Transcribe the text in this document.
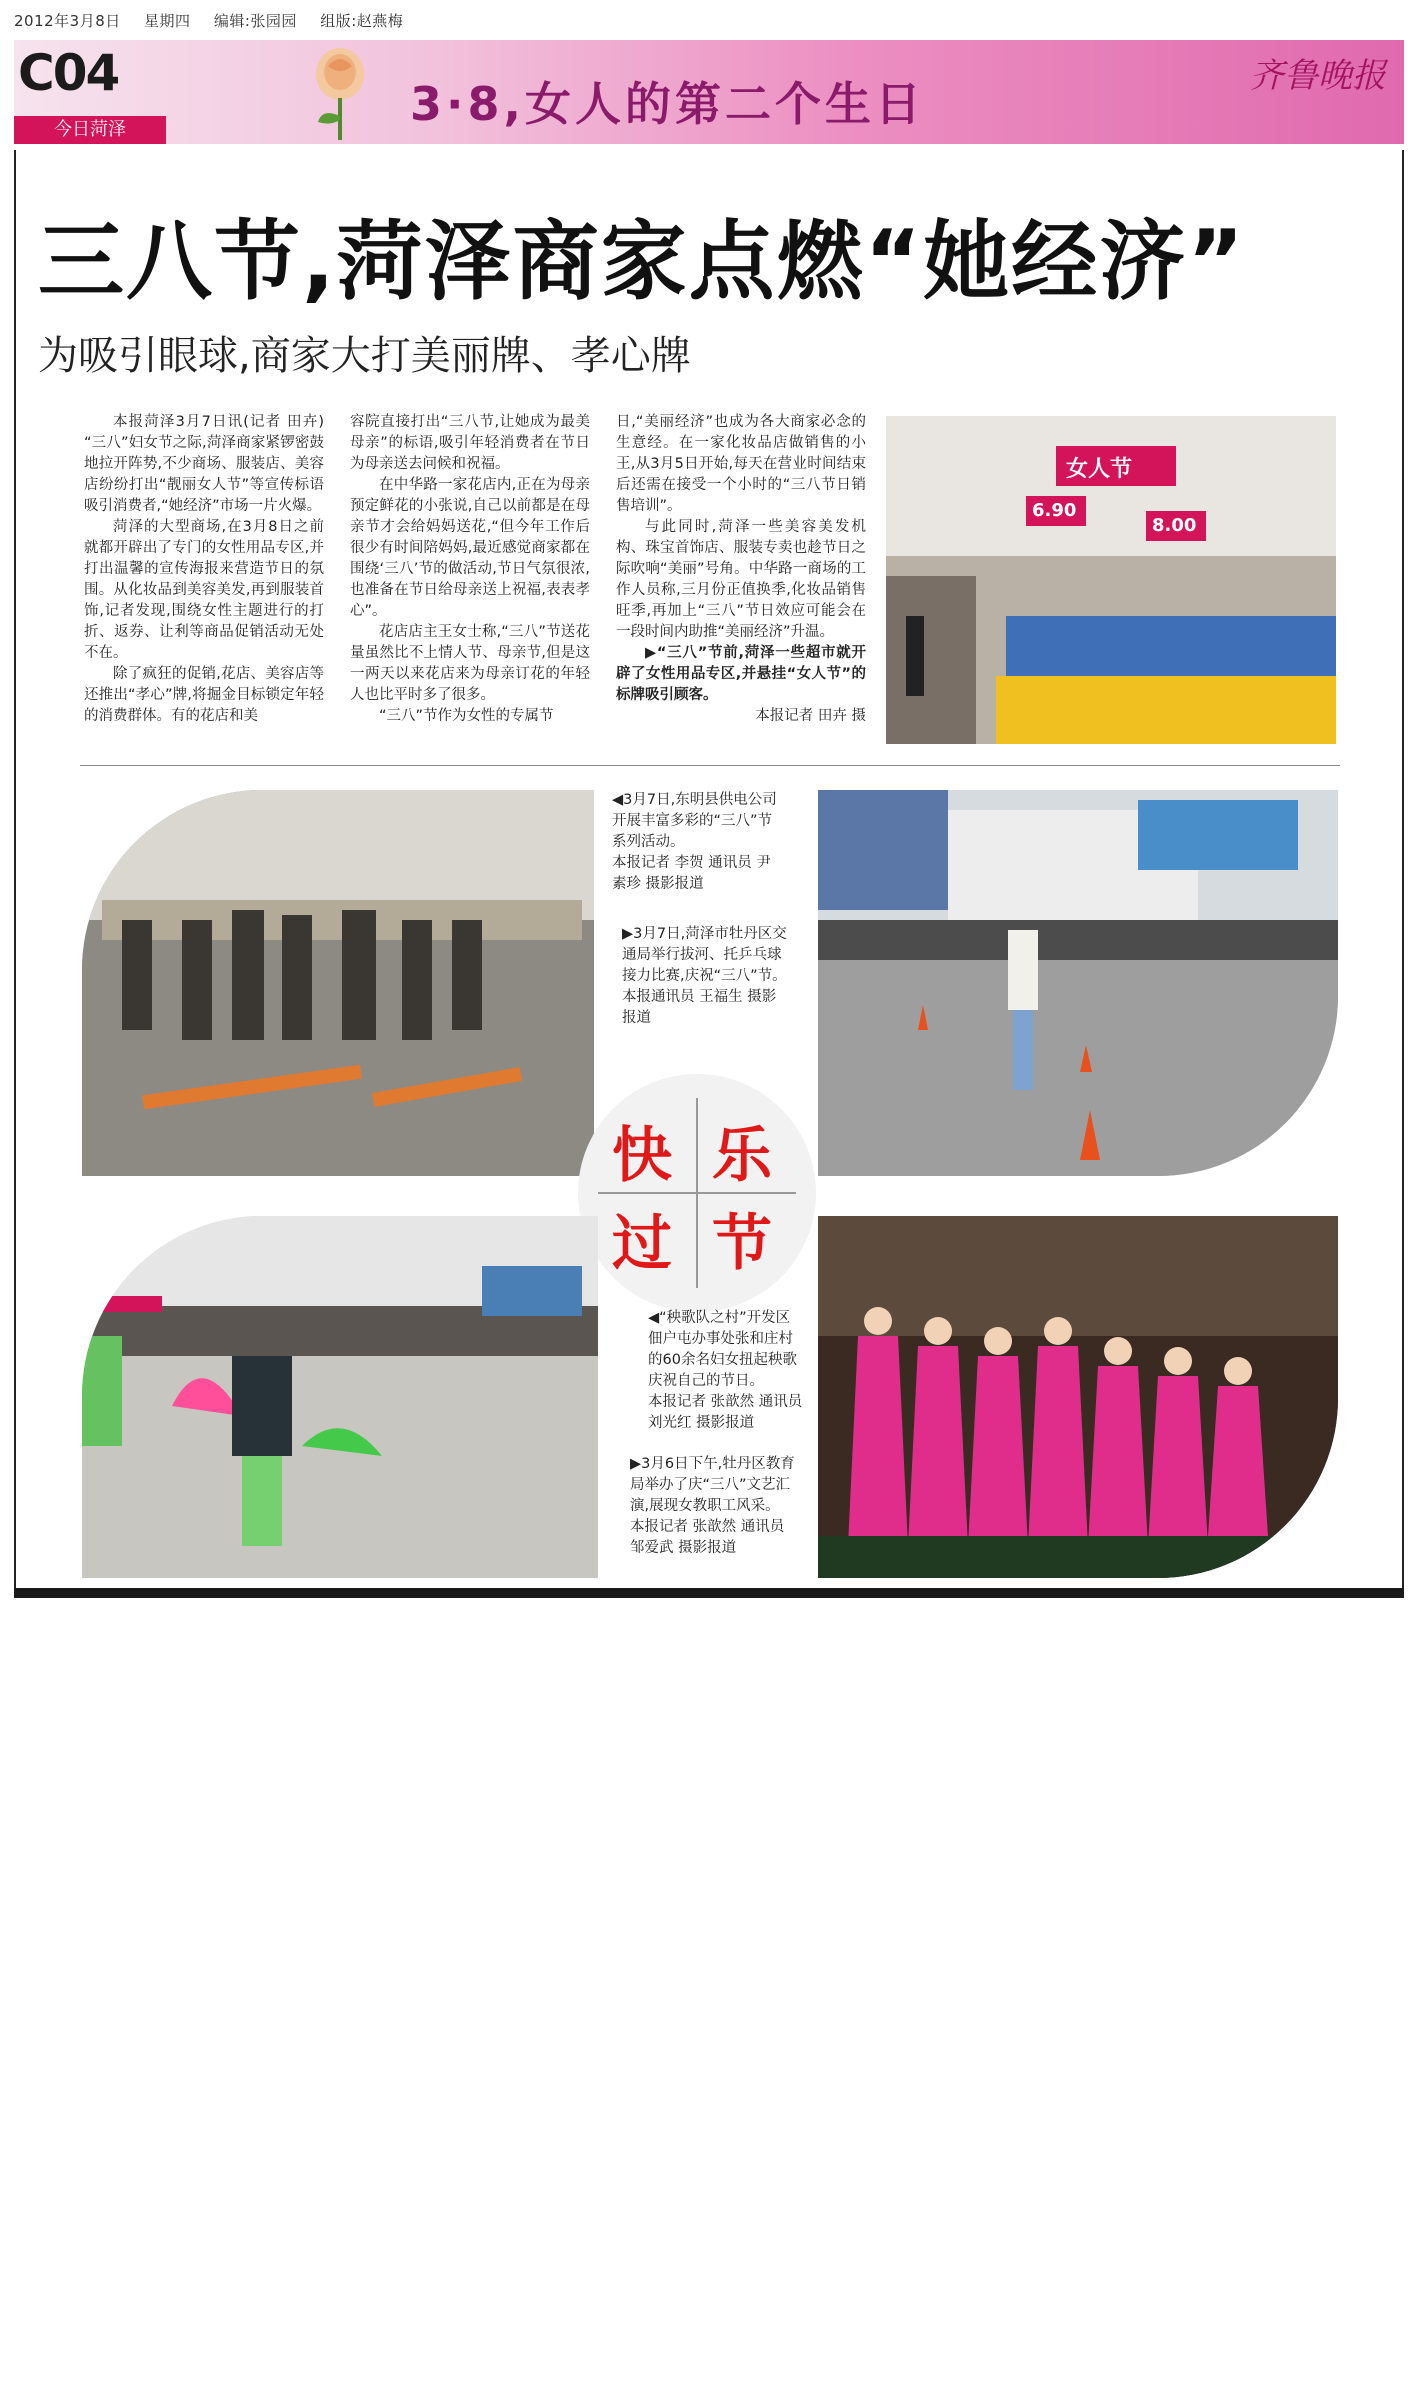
2012年3月8日 星期四 编辑:张园园 组版:赵燕梅
C04
今日菏泽	3·8,女人的第二个生日
齐鲁晚报
三八节,菏泽商家点燃“她经济”
为吸引眼球,商家大打美丽牌、孝心牌

本报菏泽3月7日讯(记者 田卉) “三八”妇女节之际,菏泽商家紧锣密鼓地拉开阵势,不少商场、服装店、美容店纷纷打出“靓丽女人节”等宣传标语吸引消费者,“她经济”市场一片火爆。

菏泽的大型商场,在3月8日之前就都开辟出了专门的女性用品专区,并打出温馨的宣传海报来营造节日的氛围。从化妆品到美容美发,再到服装首饰,记者发现,围绕女性主题进行的打折、返券、让利等商品促销活动无处不在。

除了疯狂的促销,花店、美容店等还推出“孝心”牌,将掘金目标锁定年轻的消费群体。有的花店和美

容院直接打出“三八节,让她成为最美母亲”的标语,吸引年轻消费者在节日为母亲送去问候和祝福。

在中华路一家花店内,正在为母亲预定鲜花的小张说,自己以前都是在母亲节才会给妈妈送花,“但今年工作后很少有时间陪妈妈,最近感觉商家都在围绕‘三八’节的做活动,节日气氛很浓,也准备在节日给母亲送上祝福,表表孝心”。

花店店主王女士称,“三八”节送花量虽然比不上情人节、母亲节,但是这一两天以来花店来为母亲订花的年轻人也比平时多了很多。

“三八”节作为女性的专属节

日,“美丽经济”也成为各大商家必念的生意经。在一家化妆品店做销售的小王,从3月5日开始,每天在营业时间结束后还需在接受一个小时的“三八节日销售培训”。

与此同时,菏泽一些美容美发机构、珠宝首饰店、服装专卖也趁节日之际吹响“美丽”号角。中华路一商场的工作人员称,三月份正值换季,化妆品销售旺季,再加上“三八”节日效应可能会在一段时间内助推“美丽经济”升温。

▶“三八”节前,菏泽一些超市就开辟了女性用品专区,并悬挂“女人节”的标牌吸引顾客。

本报记者 田卉 摄

女人节
6.90
8.00

◀3月7日,东明县供电公司开展丰富多彩的“三八”节系列活动。

本报记者 李贺 通讯员 尹素珍 摄影报道

▶3月7日,菏泽市牡丹区交通局举行拔河、托乒乓球接力比赛,庆祝“三八”节。

本报通讯员 王福生 摄影报道

快 乐
过 节

◀“秧歌队之村”开发区佃户屯办事处张和庄村的60余名妇女扭起秧歌庆祝自己的节日。

本报记者 张歆然 通讯员 刘光红 摄影报道

▶3月6日下午,牡丹区教育局举办了庆“三八”文艺汇演,展现女教职工风采。

本报记者 张歆然 通讯员 邹爱武 摄影报道
